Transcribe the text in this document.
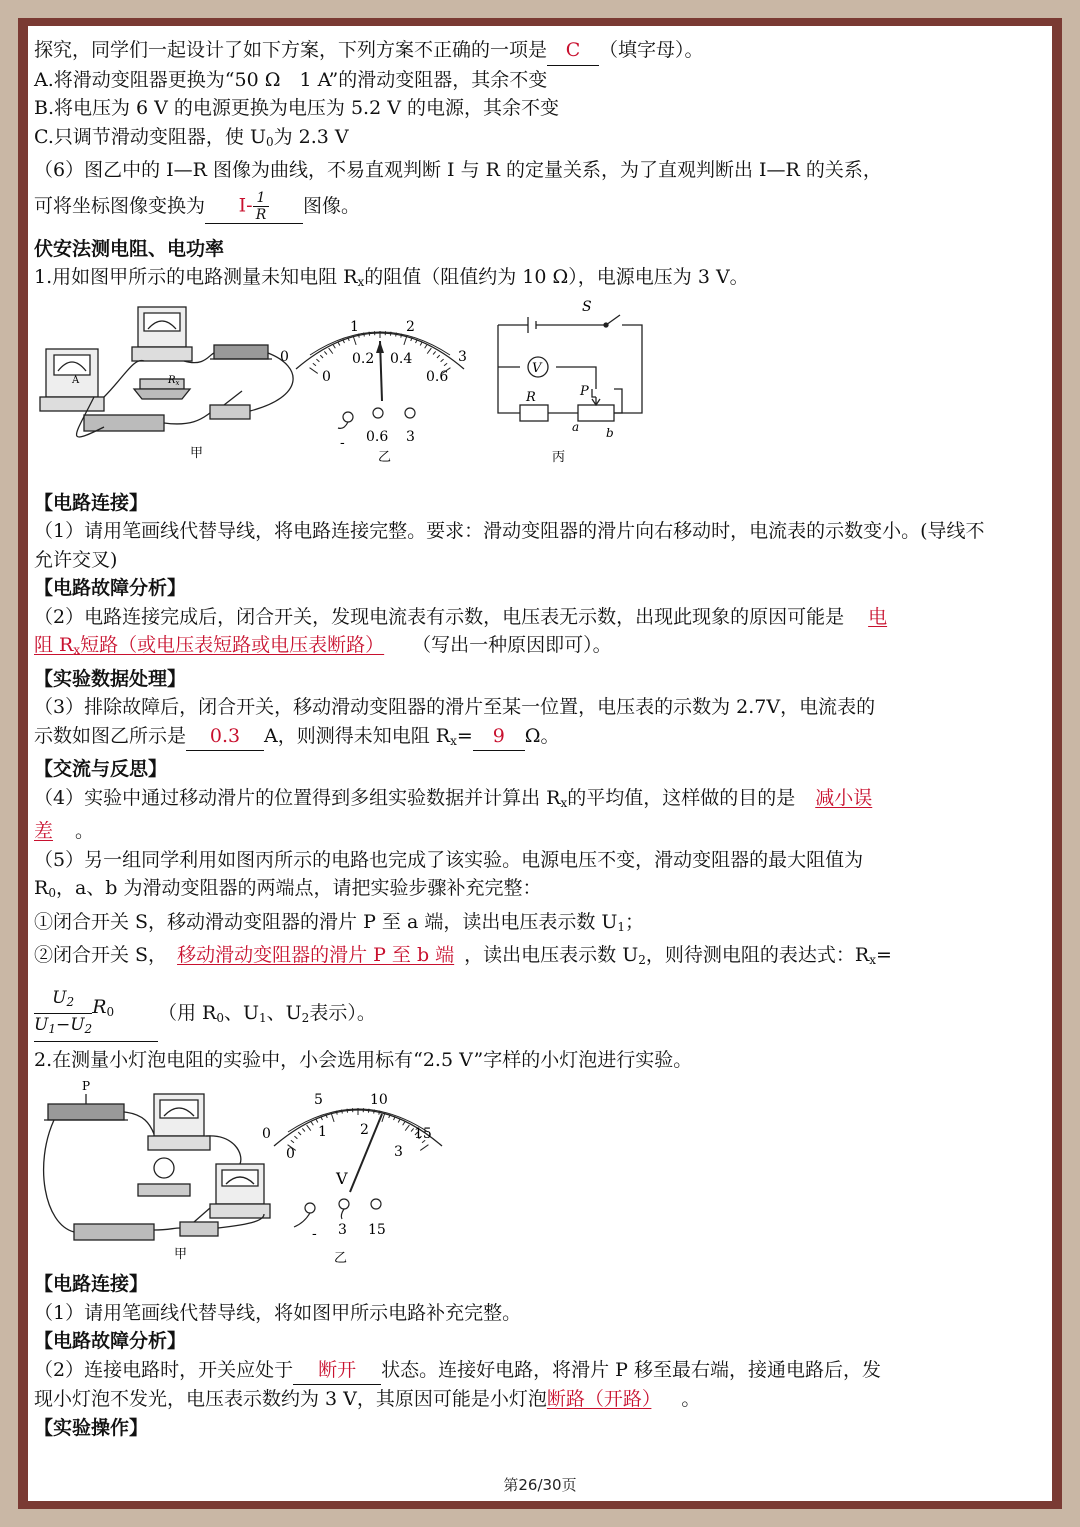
探究，同学们一起设计了如下方案，下列方案不正确的一项是 C （填字母）。

A.将滑动变阻器更换为“50 Ω　1 A”的滑动变阻器，其余不变

B.将电压为 6 V 的电源更换为电压为 5.2 V 的电源，其余不变

C.只调节滑动变阻器，使 $U_0$为 2.3 V

（6）图乙中的 I—R 图像为曲线，不易直观判断 I 与 R 的定量关系，为了直观判断出 I—R 的关系，

可将坐标图像变换为 $I- \frac{1}{R}$ 图像。

伏安法测电阻、电功率

1.用如图甲所示的电路测量未知电阻 $R_x$的阻值（阻值约为 10 Ω），电源电压为 3 V。

A	$R_x$
甲
0
1	2
3
0
0.2 0.4
0.6
- 0.6 3
乙
S
V
R	P
a b
丙

【电路连接】

（1）请用笔画线代替导线，将电路连接完整。要求：滑动变阻器的滑片向右移动时，电流表的示数变小。(导线不允许交叉)

【电路故障分析】

（2）电路连接完成后，闭合开关，发现电流表有示数，电压表无示数，出现此现象的原因可能是 电
阻 $R_x$短路（或电压表短路或电压表断路） （写出一种原因即可）。

【实验数据处理】

（3）排除故障后，闭合开关，移动滑动变阻器的滑片至某一位置，电压表的示数为 2.7V，电流表的
示数如图乙所示是 0.3 A，则测得未知电阻 $R_x= 9$ Ω。

【交流与反思】

（4）实验中通过移动滑片的位置得到多组实验数据并计算出 $R_x$的平均值，这样做的目的是 减小误
差 。

（5）另一组同学利用如图丙所示的电路也完成了该实验。电源电压不变，滑动变阻器的最大阻值为
$R_0$，a、b 为滑动变阻器的两端点，请把实验步骤补充完整：

①闭合开关 S，移动滑动变阻器的滑片 P 至 a 端，读出电压表示数 $U_1$；

②闭合开关 S， 移动滑动变阻器的滑片 P 至 b 端 ，读出电压表示数 $U_2$，则待测电阻的表达式：$R_x=$

$\frac{U_2}{U_1-U_2} R^0$ （用 $R_0$、$U_1$、$U_2$表示）。

2.在测量小灯泡电阻的实验中，小会选用标有“2.5 V”字样的小灯泡进行实验。

P
甲
0
5	10
15
0
1 2
3
V
- 3 15
乙

【电路连接】

（1）请用笔画线代替导线，将如图甲所示电路补充完整。

【电路故障分析】

（2）连接电路时，开关应处于 断开 状态。连接好电路，将滑片 P 移至最右端，接通电路后，发
现小灯泡不发光，电压表示数约为 3 V，其原因可能是小灯泡断路（开路） 。

【实验操作】

第26/30页
